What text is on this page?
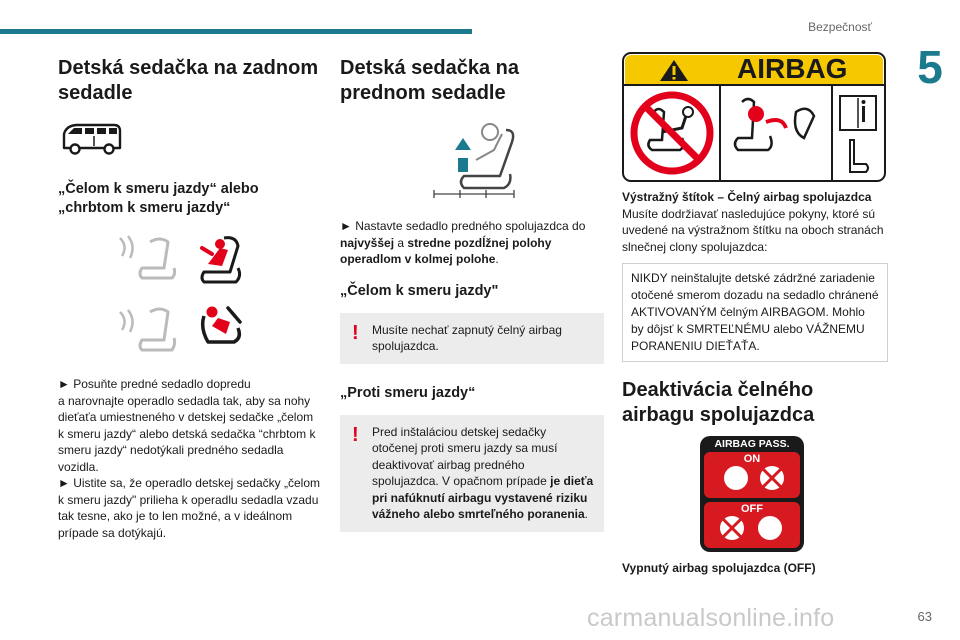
Bezpečnosť
5
Detská sedačka na zadnom sedadle
„Čelom k smeru jazdy“ alebo „chrbtom k smeru jazdy“

► Posuňte predné sedadlo dopredu
a narovnajte operadlo sedadla tak, aby sa nohy dieťaťa umiestneného v detskej sedačke „čelom k smeru jazdy“ alebo detská sedačka “chrbtom k smeru jazdy“ nedotýkali predného sedadla vozidla.

► Uistite sa, že operadlo detskej sedačky „čelom k smeru jazdy" prilieha k operadlu sedadla vzadu tak tesne, ako je to len možné, a v ideálnom prípade sa dotýkajú.

Detská sedačka na prednom sedadle

► Nastavte sedadlo predného spolujazdca do najvyššej a stredne pozdĺžnej polohy operadlom v kolmej polohe.

„Čelom k smeru jazdy"
! Musíte nechať zapnutý čelný airbag spolujazdca.
„Proti smeru jazdy“
! Pred inštaláciou detskej sedačky otočenej proti smeru jazdy sa musí deaktivovať airbag predného spolujazdca. V opačnom prípade je dieťa pri nafúknutí airbagu vystavené riziku vážneho alebo smrteľného poranenia.
AIRBAG

Výstražný štítok – Čelný airbag spolujazdca
Musíte dodržiavať nasledujúce pokyny, ktoré sú uvedené na výstražnom štítku na oboch stranách slnečnej clony spolujazdca:

NIKDY neinštalujte detské zádržné zariadenie otočené smerom dozadu na sedadlo chránené AKTIVOVANÝM čelným AIRBAGOM. Mohlo by dôjsť k SMRTEĽNÉMU alebo VÁŽNEMU PORANENIU DIEŤAŤA.
Deaktivácia čelného airbagu spolujazdca
AIRBAG PASS.
ON
OFF

Vypnutý airbag spolujazdca (OFF)

carmanualsonline.info	63
